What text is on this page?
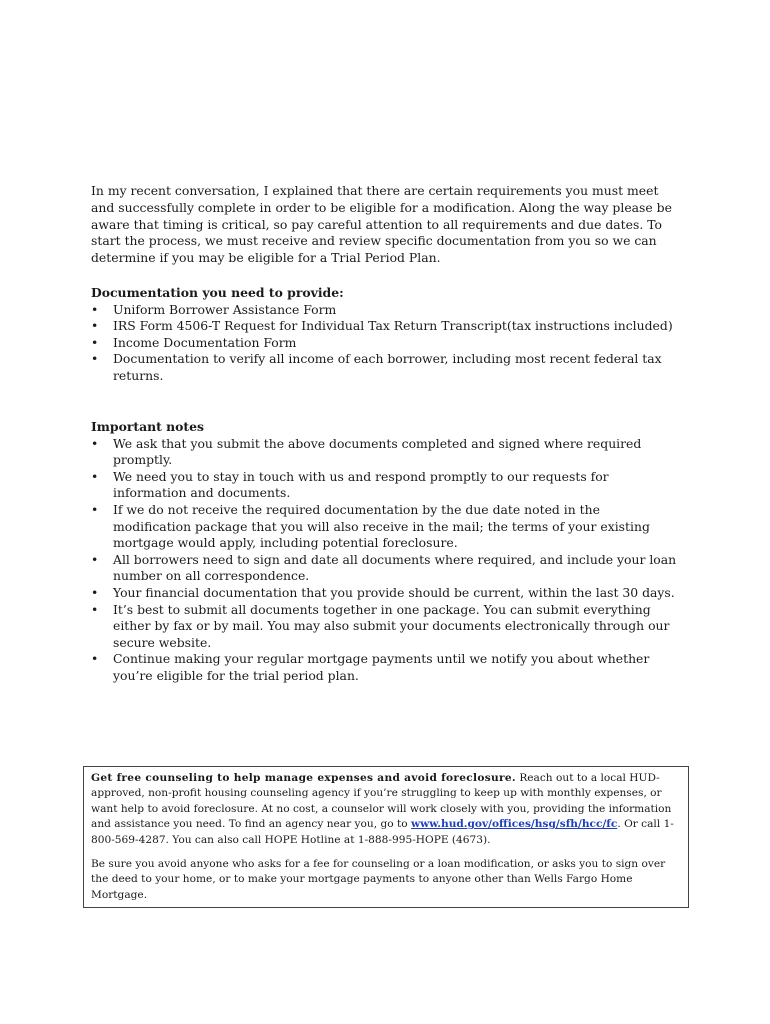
In my recent conversation, I explained that there are certain requirements you must meet and successfully complete in order to be eligible for a modification. Along the way please be aware that timing is critical, so pay careful attention to all requirements and due dates. To start the process, we must receive and review specific documentation from you so we can determine if you may be eligible for a Trial Period Plan.

Documentation you need to provide:

•	Uniform Borrower Assistance Form
•	IRS Form 4506-T Request for Individual Tax Return Transcript(tax instructions included)
•	Income Documentation Form
•	Documentation to verify all income of each borrower, including most recent federal tax returns.

Important notes

•	We ask that you submit the above documents completed and signed where required promptly.
•	We need you to stay in touch with us and respond promptly to our requests for information and documents.
•	If we do not receive the required documentation by the due date noted in the modification package that you will also receive in the mail; the terms of your existing mortgage would apply, including potential foreclosure.
•	All borrowers need to sign and date all documents where required, and include your loan number on all correspondence.
•	Your financial documentation that you provide should be current, within the last 30 days.
•	It’s best to submit all documents together in one package. You can submit everything either by fax or by mail. You may also submit your documents electronically through our secure website.
•	Continue making your regular mortgage payments until we notify you about whether you’re eligible for the trial period plan.

Get free counseling to help manage expenses and avoid foreclosure. Reach out to a local HUD-approved, non-profit housing counseling agency if you’re struggling to keep up with monthly expenses, or want help to avoid foreclosure. At no cost, a counselor will work closely with you, providing the information and assistance you need. To find an agency near you, go to www.hud.gov/offices/hsg/sfh/hcc/fc. Or call 1-800-569-4287. You can also call HOPE Hotline at 1-888-995-HOPE (4673).

Be sure you avoid anyone who asks for a fee for counseling or a loan modification, or asks you to sign over the deed to your home, or to make your mortgage payments to anyone other than Wells Fargo Home Mortgage.
